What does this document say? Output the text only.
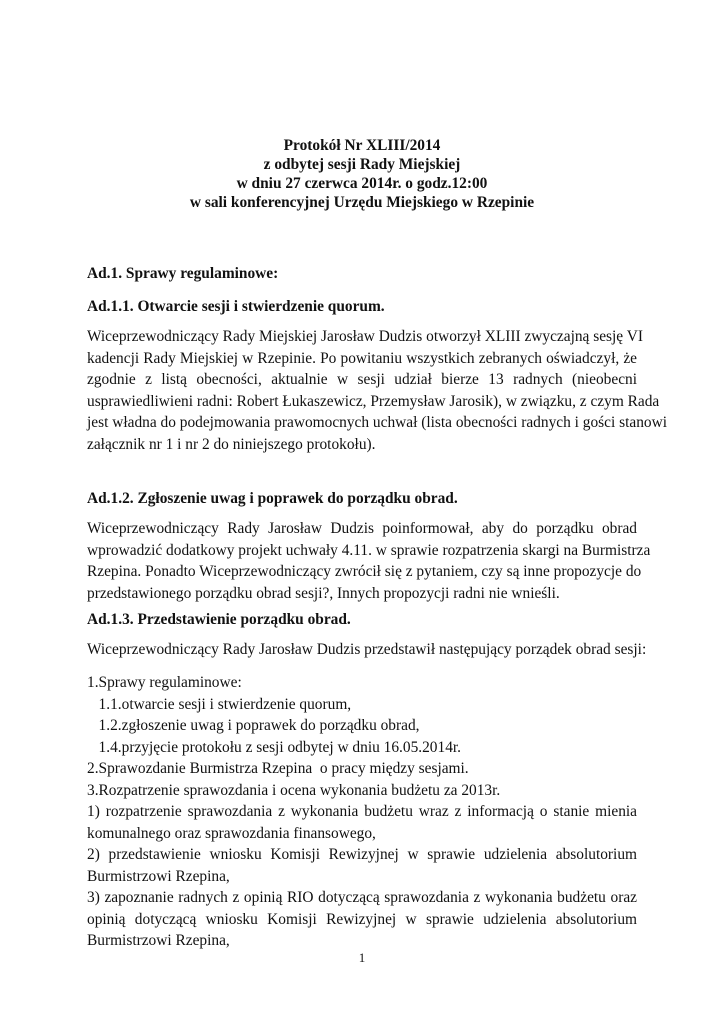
Protokół Nr XLIII/2014
z odbytej sesji Rady Miejskiej
w dniu 27 czerwca 2014r. o godz.12:00
w sali konferencyjnej Urzędu Miejskiego w Rzepinie
Ad.1. Sprawy regulaminowe:
Ad.1.1. Otwarcie sesji i stwierdzenie quorum.
Wiceprzewodniczący Rady Miejskiej Jarosław Dudzis otworzył XLIII zwyczajną sesję VI
kadencji Rady Miejskiej w Rzepinie. Po powitaniu wszystkich zebranych oświadczył, że
zgodnie z listą obecności, aktualnie w sesji udział bierze 13 radnych (nieobecni
usprawiedliwieni radni: Robert Łukaszewicz, Przemysław Jarosik), w związku, z czym Rada
jest władna do podejmowania prawomocnych uchwał (lista obecności radnych i gości stanowi
załącznik nr 1 i nr 2 do niniejszego protokołu).
Ad.1.2. Zgłoszenie uwag i poprawek do porządku obrad.
Wiceprzewodniczący Rady Jarosław Dudzis poinformował, aby do porządku obrad
wprowadzić dodatkowy projekt uchwały 4.11. w sprawie rozpatrzenia skargi na Burmistrza
Rzepina. Ponadto Wiceprzewodniczący zwrócił się z pytaniem, czy są inne propozycje do
przedstawionego porządku obrad sesji?, Innych propozycji radni nie wnieśli.
Ad.1.3. Przedstawienie porządku obrad.
Wiceprzewodniczący Rady Jarosław Dudzis przedstawił następujący porządek obrad sesji:
1.Sprawy regulaminowe:
1.1.otwarcie sesji i stwierdzenie quorum,
1.2.zgłoszenie uwag i poprawek do porządku obrad,
1.4.przyjęcie protokołu z sesji odbytej w dniu 16.05.2014r.
2.Sprawozdanie Burmistrza Rzepina  o pracy między sesjami.
3.Rozpatrzenie sprawozdania i ocena wykonania budżetu za 2013r.
1) rozpatrzenie sprawozdania z wykonania budżetu wraz z informacją o stanie mienia
komunalnego oraz sprawozdania finansowego,
2) przedstawienie wniosku Komisji Rewizyjnej w sprawie udzielenia absolutorium
Burmistrzowi Rzepina,
3) zapoznanie radnych z opinią RIO dotyczącą sprawozdania z wykonania budżetu oraz
opinią dotyczącą wniosku Komisji Rewizyjnej w sprawie udzielenia absolutorium
Burmistrzowi Rzepina,
1
